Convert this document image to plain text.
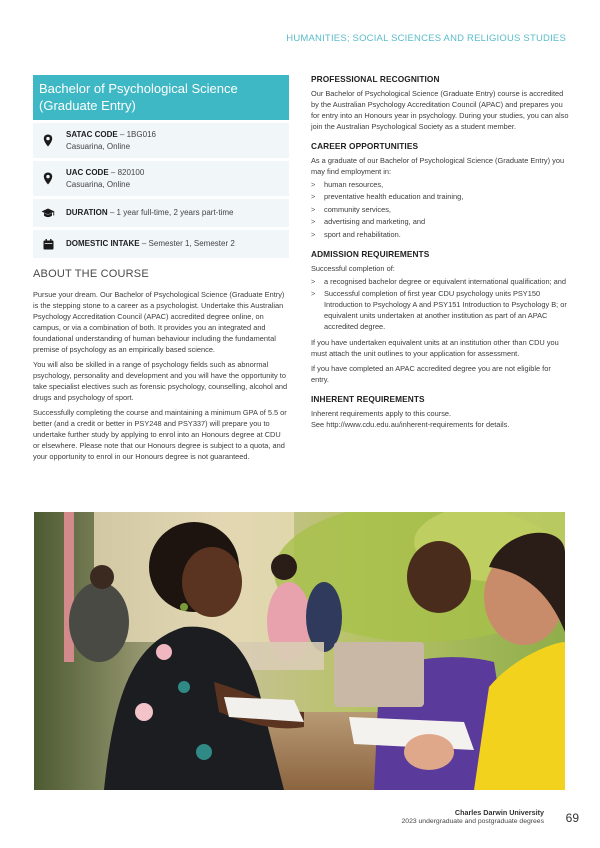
HUMANITIES; SOCIAL SCIENCES AND RELIGIOUS STUDIES
Bachelor of Psychological Science (Graduate Entry)
SATAC CODE – 1BG016
Casuarina, Online
UAC CODE – 820100
Casuarina, Online
DURATION – 1 year full-time, 2 years part-time
DOMESTIC INTAKE – Semester 1, Semester 2
ABOUT THE COURSE

Pursue your dream. Our Bachelor of Psychological Science (Graduate Entry) is the stepping stone to a career as a psychologist. Undertake this Australian Psychology Accreditation Council (APAC) accredited degree online, on campus, or via a combination of both. It provides you an integrated and foundational understanding of human behaviour including the fundamental premise of psychology as an empirically based science.

You will also be skilled in a range of psychology fields such as abnormal psychology, personality and development and you will have the opportunity to take specialist electives such as forensic psychology, counselling, alcohol and drugs and psychology of sport.

Successfully completing the course and maintaining a minimum GPA of 5.5 or better (and a credit or better in PSY248 and PSY337) will prepare you to undertake further study by applying to enrol into an Honours degree at CDU or elsewhere. Please note that our Honours degree is subject to a quota, and your opportunity to enrol in our Honours degree is not guaranteed.

PROFESSIONAL RECOGNITION

Our Bachelor of Psychological Science (Graduate Entry) course is accredited by the Australian Psychology Accreditation Council (APAC) and prepares you for entry into an Honours year in psychology. During your studies, you can also join the Australian Psychological Society as a student member.

CAREER OPPORTUNITIES

As a graduate of our Bachelor of Psychological Science (Graduate Entry) you may find employment in:

> human resources,
> preventative health education and training,
> community services,
> advertising and marketing, and
> sport and rehabilitation.
ADMISSION REQUIREMENTS

Successful completion of:

> a recognised bachelor degree or equivalent international qualification; and
> Successful completion of first year CDU psychology units PSY150 Introduction to Psychology A and PSY151 Introduction to Psychology B; or equivalent units undertaken at another institution as part of an APAC accredited degree.

If you have undertaken equivalent units at an institution other than CDU you must attach the unit outlines to your application for assessment.

If you have completed an APAC accredited degree you are not eligible for entry.

INHERENT REQUIREMENTS

Inherent requirements apply to this course.
See http://www.cdu.edu.au/inherent-requirements for details.

Charles Darwin University
2023 undergraduate and postgraduate degrees 69
